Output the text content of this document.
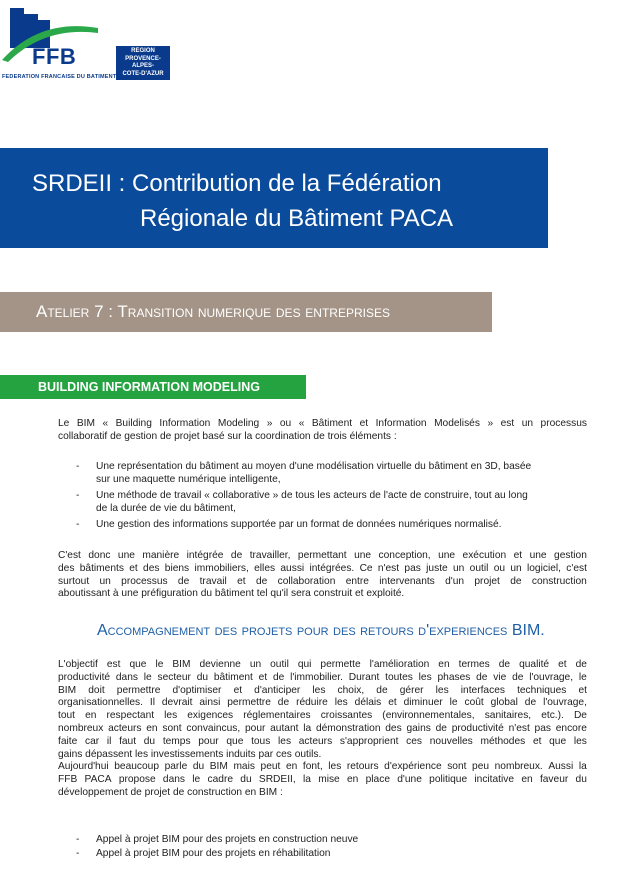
FFB
FEDERATION FRANCAISE DU BATIMENT
REGION
PROVENCE-ALPES-
COTE-D'AZUR
SRDEII : Contribution de la Fédération
Régionale du Bâtiment PACA
Atelier 7 : Transition numerique des entreprises
BUILDING INFORMATION MODELING
Le BIM « Building Information Modeling » ou « Bâtiment et Information Modelisés » est un processus
collaboratif de gestion de projet basé sur la coordination de trois éléments :
- Une représentation du bâtiment au moyen d'une modélisation virtuelle du bâtiment en 3D, basée
sur une maquette numérique intelligente,
- Une méthode de travail « collaborative » de tous les acteurs de l'acte de construire, tout au long
de la durée de vie du bâtiment,
- Une gestion des informations supportée par un format de données numériques normalisé.
C'est donc une manière intégrée de travailler, permettant une conception, une exécution et une gestion
des bâtiments et des biens immobiliers, elles aussi intégrées. Ce n'est pas juste un outil ou un logiciel, c'est
surtout un processus de travail et de collaboration entre intervenants d'un projet de construction
aboutissant à une préfiguration du bâtiment tel qu'il sera construit et exploité.
Accompagnement des projets pour des retours d'experiences BIM.
L'objectif est que le BIM devienne un outil qui permette l'amélioration en termes de qualité et de
productivité dans le secteur du bâtiment et de l'immobilier. Durant toutes les phases de vie de l'ouvrage, le
BIM doit permettre d'optimiser et d'anticiper les choix, de gérer les interfaces techniques et
organisationnelles. Il devrait ainsi permettre de réduire les délais et diminuer le coût global de l'ouvrage,
tout en respectant les exigences réglementaires croissantes (environnementales, sanitaires, etc.). De
nombreux acteurs en sont convaincus, pour autant la démonstration des gains de productivité n'est pas encore
faite car il faut du temps pour que tous les acteurs s'approprient ces nouvelles méthodes et que les
gains dépassent les investissements induits par ces outils.
Aujourd'hui beaucoup parle du BIM mais peut en font, les retours d'expérience sont peu nombreux. Aussi la
FFB PACA propose dans le cadre du SRDEII, la mise en place d'une politique incitative en faveur du
développement de projet de construction en BIM :
- Appel à projet BIM pour des projets en construction neuve
- Appel à projet BIM pour des projets en réhabilitation
